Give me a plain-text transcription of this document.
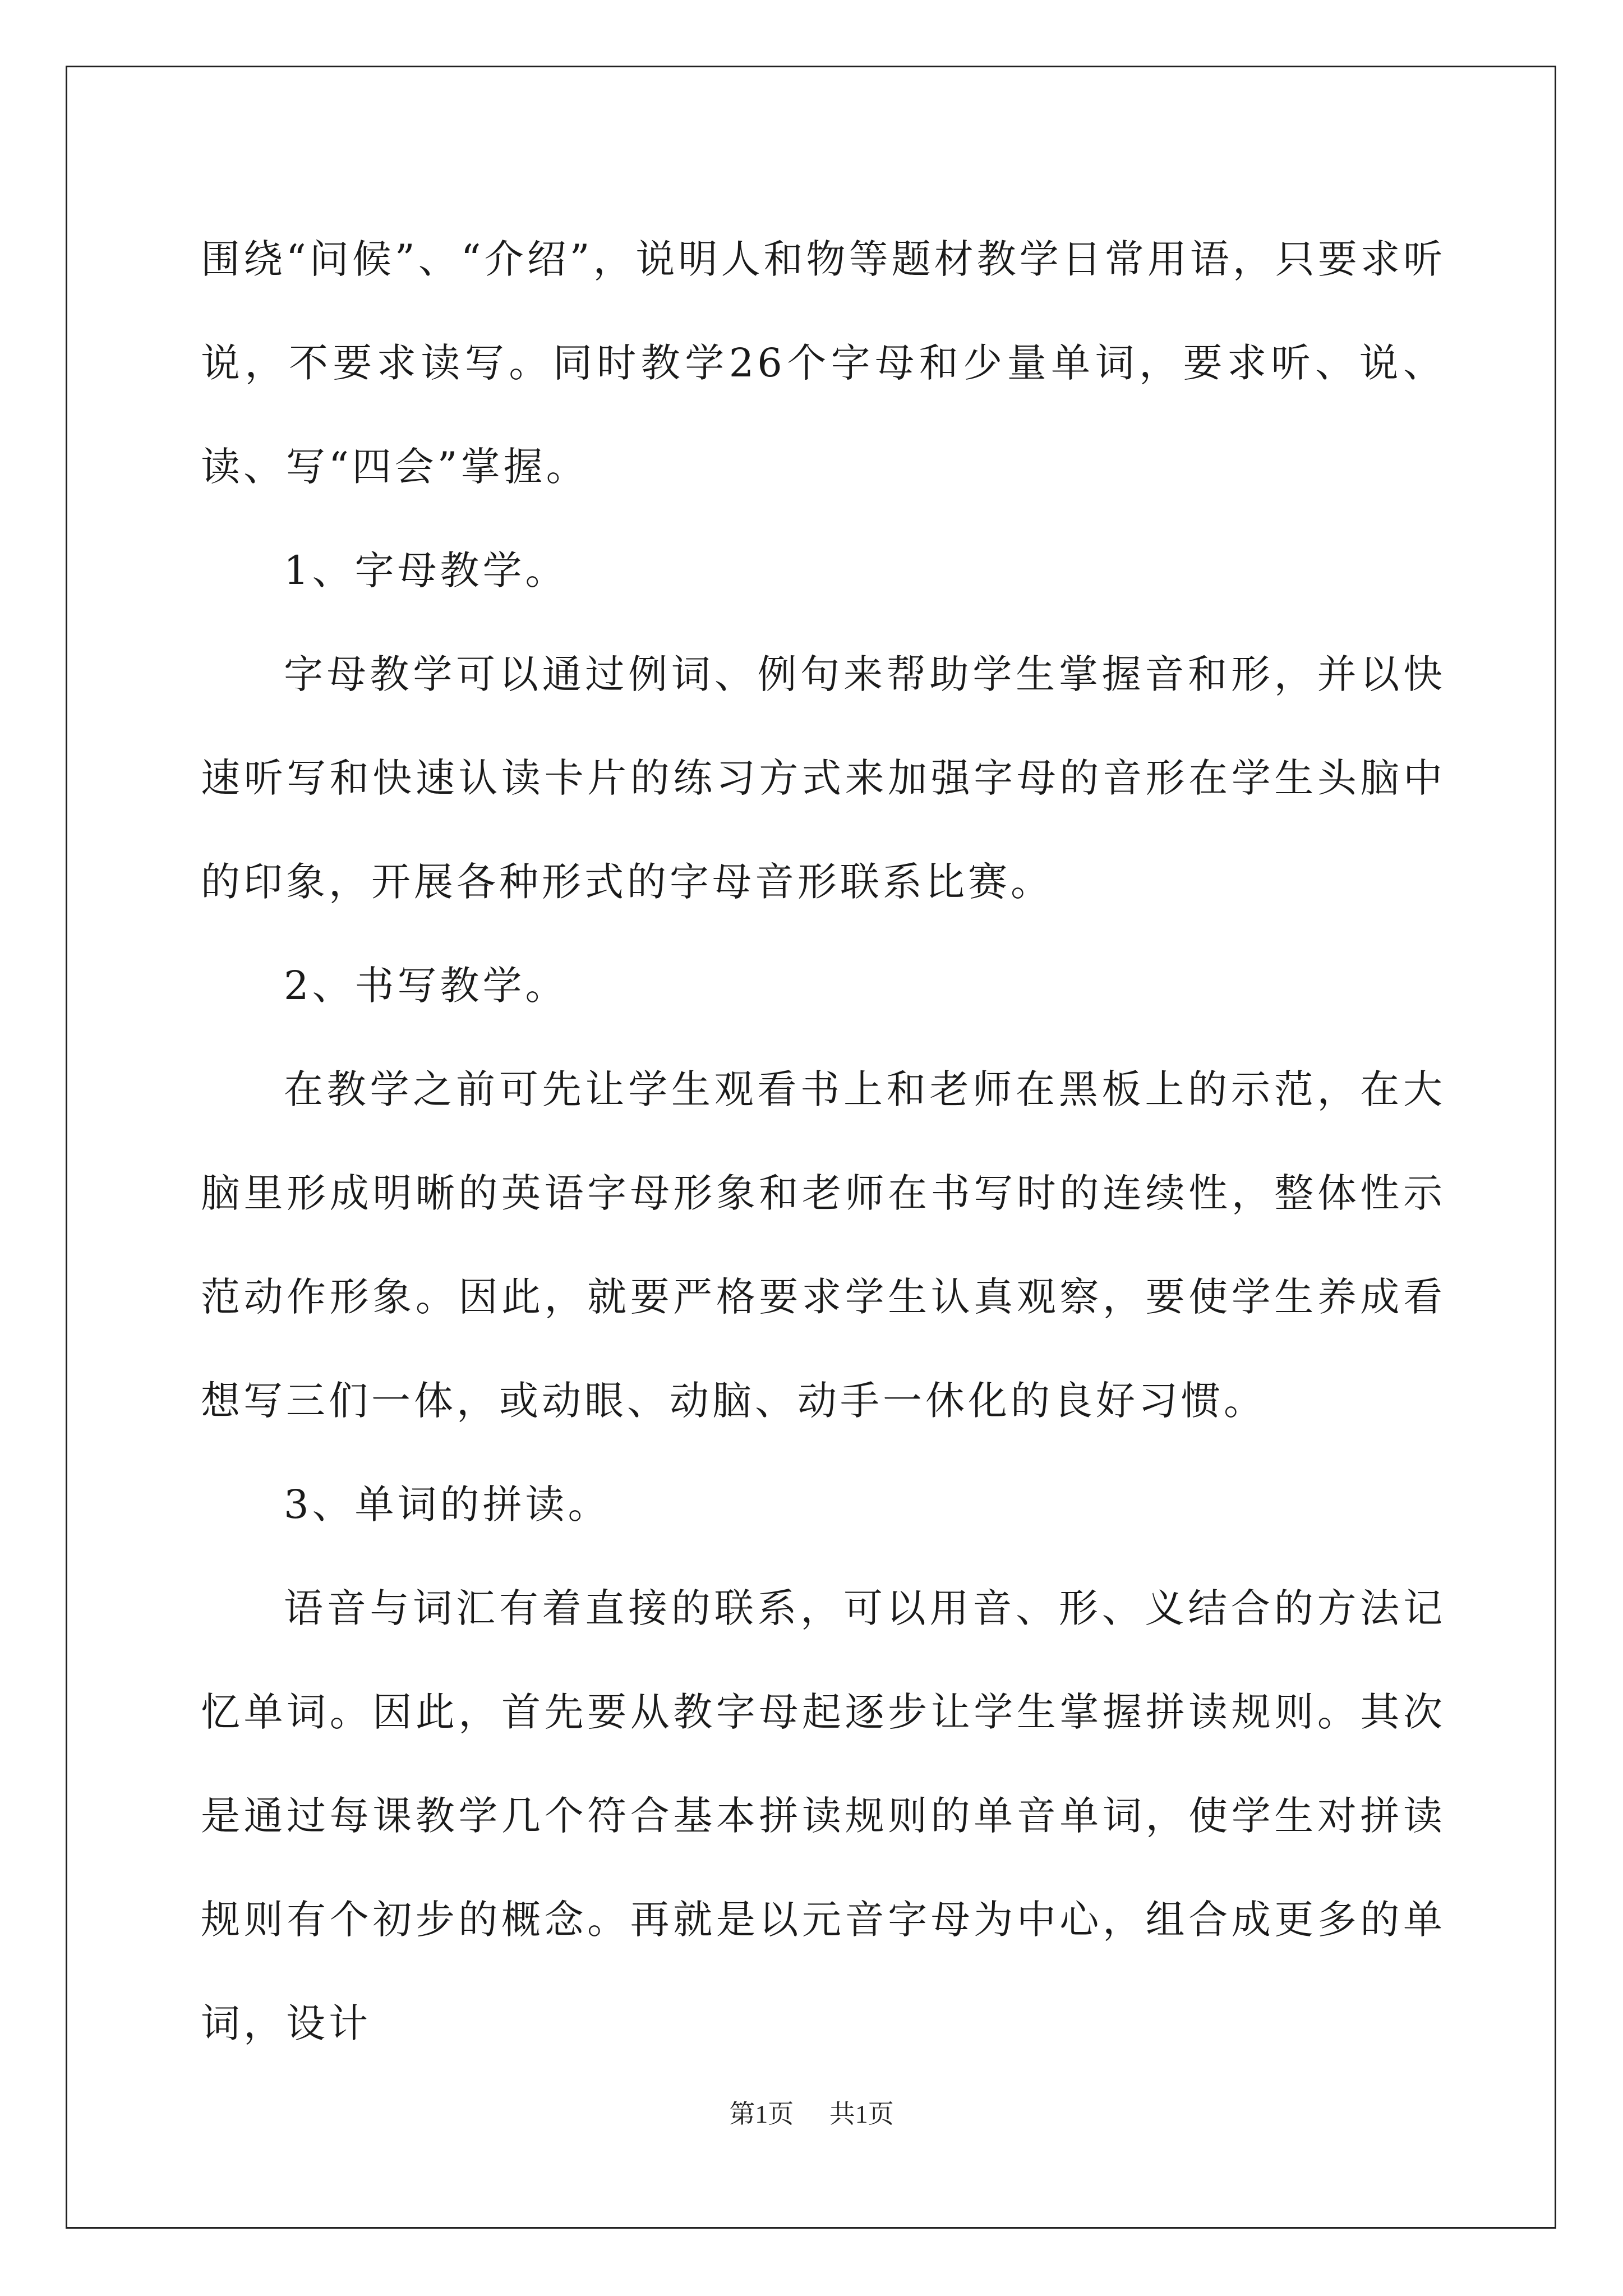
围绕“问候”、“介绍”，说明人和物等题材教学日常用语，只要求听说，不要求读写。同时教学26个字母和少量单词，要求听、说、读、写“四会”掌握。

1、字母教学。

字母教学可以通过例词、例句来帮助学生掌握音和形，并以快速听写和快速认读卡片的练习方式来加强字母的音形在学生头脑中的印象，开展各种形式的字母音形联系比赛。

2、书写教学。

在教学之前可先让学生观看书上和老师在黑板上的示范，在大脑里形成明晰的英语字母形象和老师在书写时的连续性，整体性示范动作形象。因此，就要严格要求学生认真观察，要使学生养成看想写三们一体，或动眼、动脑、动手一休化的良好习惯。

3、单词的拼读。

语音与词汇有着直接的联系，可以用音、形、义结合的方法记忆单词。因此，首先要从教字母起逐步让学生掌握拼读规则。其次是通过每课教学几个符合基本拼读规则的单音单词，使学生对拼读规则有个初步的概念。再就是以元音字母为中心，组合成更多的单词，设计

第1页 共1页
